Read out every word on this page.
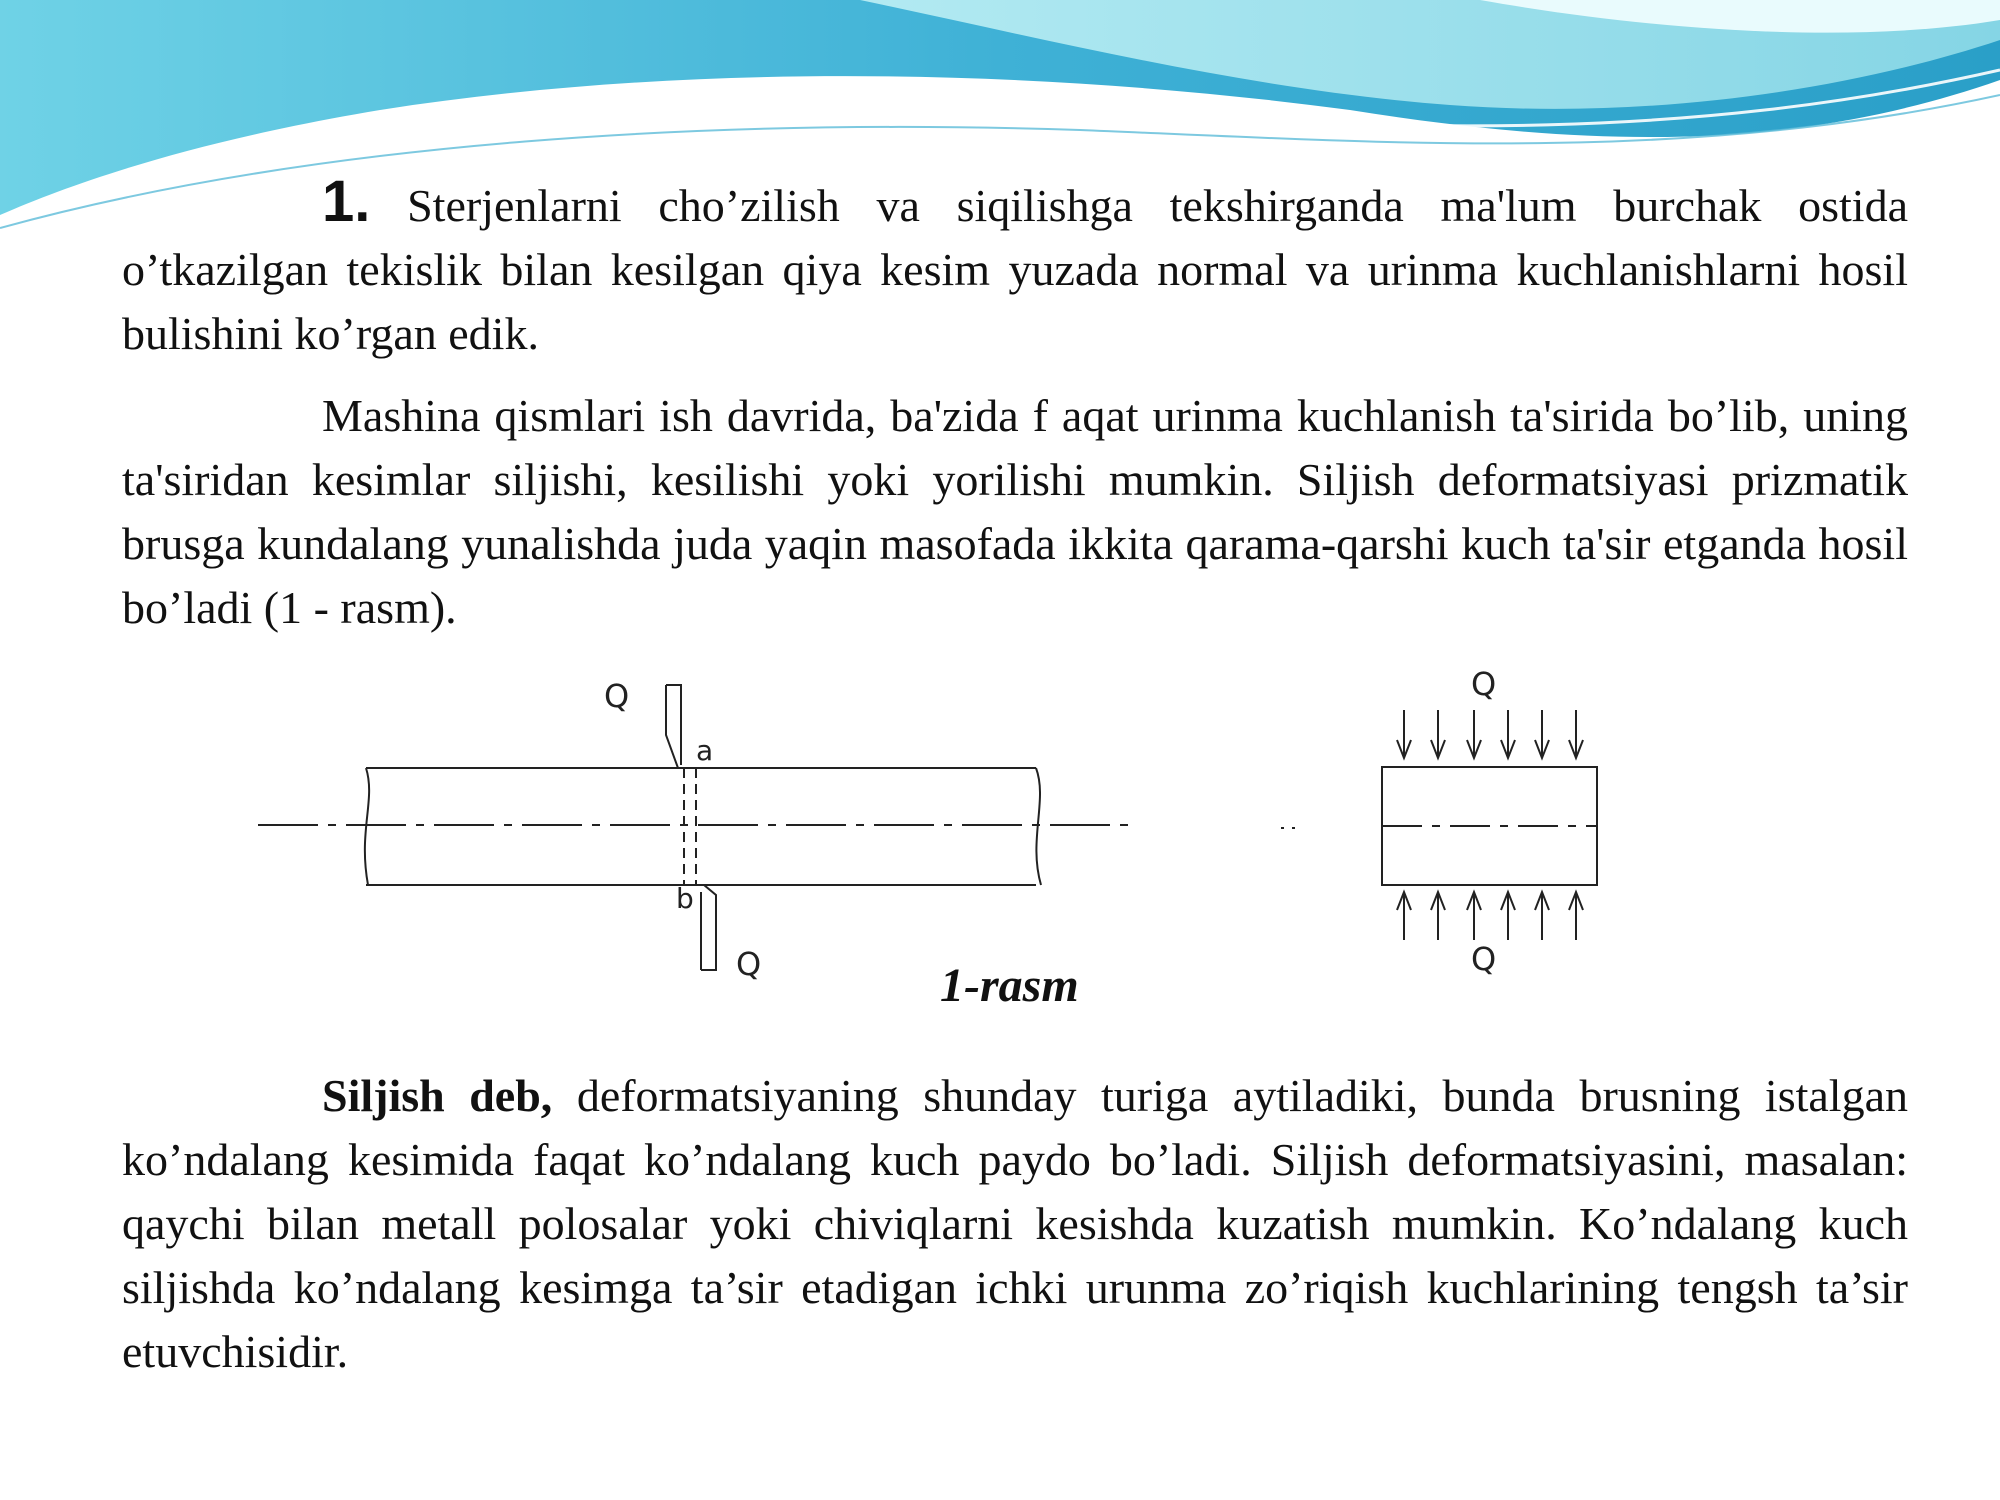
1. Sterjenlarni cho’zilish va siqilishga tekshirganda ma'lum burchak ostida o’tkazilgan tekislik bilan kesilgan qiya kesim yuzada normal va urinma kuchlanishlarni hosil bulishini ko’rgan edik.

Mashina qismlari ish davrida, ba'zida f aqat urinma kuchlanish ta'sirida bo’lib, uning ta'siridan kesimlar siljishi, kesilishi yoki yorilishi mumkin. Siljish deformatsiyasi prizmatik brusga kundalang yunalishda juda yaqin masofada ikkita qarama-qarshi kuch ta'sir etganda hosil bo’ladi (1 - rasm).

Q
a
b
Q
Q
Q
1-rasm

Siljish deb, deformatsiyaning shunday turiga aytiladiki, bunda brusning istalgan ko’ndalang kesimida faqat ko’ndalang kuch paydo bo’ladi. Siljish deformatsiyasini, masalan: qaychi bilan metall polosalar yoki chiviqlarni kesishda kuzatish mumkin. Ko’ndalang kuch siljishda ko’ndalang kesimga ta’sir etadigan ichki urunma zo’riqish kuchlarining tengsh ta’sir etuvchisidir.
